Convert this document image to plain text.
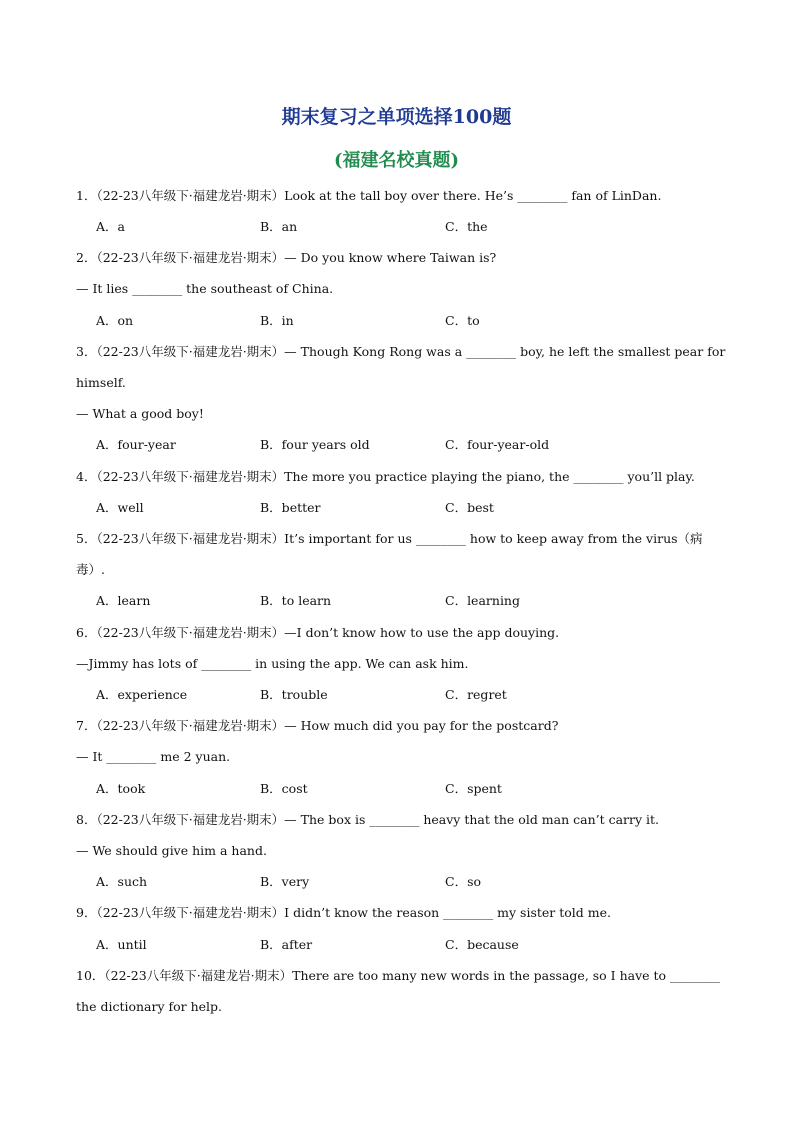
期末复习之单项选择100题
(福建名校真题)
1．（22-23八年级下·福建龙岩·期末）Look at the tall boy over there. He’s ________ fan of LinDan.
A．a	B．an	C．the
2．（22-23八年级下·福建龙岩·期末）— Do you know where Taiwan is?
— It lies ________ the southeast of China.
A．on	B．in	C．to
3．（22-23八年级下·福建龙岩·期末）— Though Kong Rong was a ________ boy, he left the smallest pear for
himself.
— What a good boy!
A．four-year	B．four years old	C．four-year-old
4．（22-23八年级下·福建龙岩·期末）The more you practice playing the piano, the ________ you’ll play.
A．well	B．better	C．best
5．（22-23八年级下·福建龙岩·期末）It’s important for us ________ how to keep away from the virus（病
毒）.
A．learn	B．to learn	C．learning
6．（22-23八年级下·福建龙岩·期末）—I don’t know how to use the app douying.
—Jimmy has lots of ________ in using the app. We can ask him.
A．experience	B．trouble	C．regret
7．（22-23八年级下·福建龙岩·期末）— How much did you pay for the postcard?
— It ________ me 2 yuan.
A．took	B．cost	C．spent
8．（22-23八年级下·福建龙岩·期末）— The box is ________ heavy that the old man can’t carry it.
— We should give him a hand.
A．such	B．very	C．so
9．（22-23八年级下·福建龙岩·期末）I didn’t know the reason ________ my sister told me.
A．until	B．after	C．because
10．（22-23八年级下·福建龙岩·期末）There are too many new words in the passage, so I have to ________
the dictionary for help.
